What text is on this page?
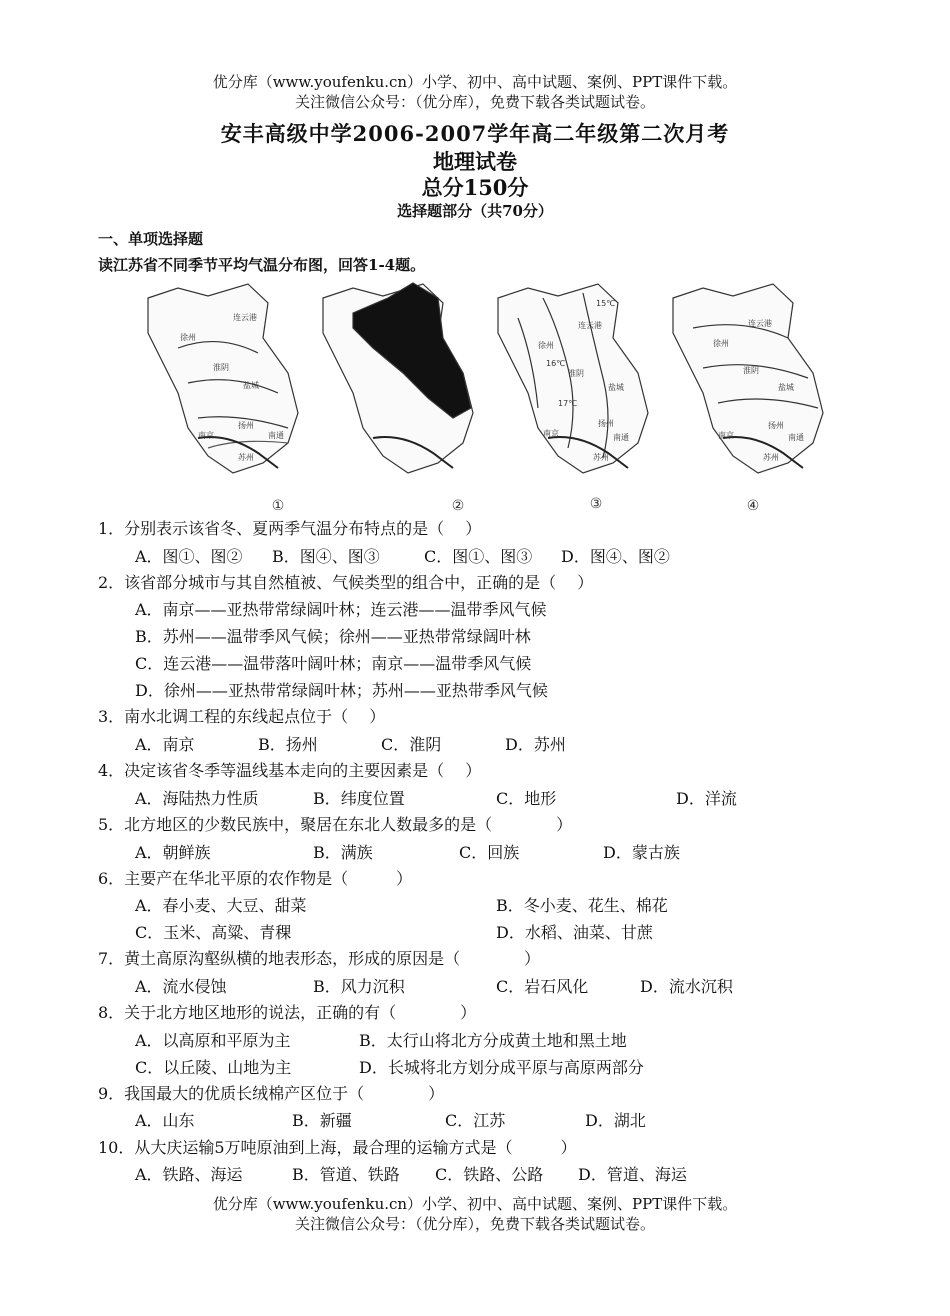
优分库（www.youfenku.cn）小学、初中、高中试题、案例、PPT课件下载。
关注微信公众号：（优分库），免费下载各类试题试卷。
安丰高级中学2006-2007学年高二年级第二次月考
地理试卷
总分150分
选择题部分（共70分）
一、单项选择题
读江苏省不同季节平均气温分布图，回答1-4题。
徐州
连云港
淮阴
盐城
扬州
南京	南通
苏州
连云港
徐州
淮阴
盐城
扬州
南京	南通
苏州
连云港
徐州
淮阴
盐城
扬州
南京	南通
苏州
15℃
16℃
17℃
①	②	③	④
1．分别表示该省冬、夏两季气温分布特点的是（　 ）
A．图①、图② B．图④、图③	C．图①、图③ D．图④、图②
2．该省部分城市与其自然植被、气候类型的组合中，正确的是（　 ）
A．南京——亚热带常绿阔叶林；连云港——温带季风气候
B．苏州——温带季风气候；徐州——亚热带常绿阔叶林
C．连云港——温带落叶阔叶林；南京——温带季风气候
D．徐州——亚热带常绿阔叶林；苏州——亚热带季风气候
3．南水北调工程的东线起点位于（　 ）
A．南京	B．扬州	C．淮阴	D．苏州
4．决定该省冬季等温线基本走向的主要因素是（　 ）
A．海陆热力性质	B．纬度位置	C．地形	D．洋流
5．北方地区的少数民族中，聚居在东北人数最多的是（　　　　）
A．朝鲜族	B．满族	C．回族	D．蒙古族
6．主要产在华北平原的农作物是（　　　）
A．春小麦、大豆、甜菜	B．冬小麦、花生、棉花
C．玉米、高粱、青稞	D．水稻、油菜、甘蔗
7．黄土高原沟壑纵横的地表形态，形成的原因是（　　　　）
A．流水侵蚀	B．风力沉积	C．岩石风化	D．流水沉积
8．关于北方地区地形的说法，正确的有（　　　　）
A．以高原和平原为主	B．太行山将北方分成黄土地和黑土地
C．以丘陵、山地为主	D．长城将北方划分成平原与高原两部分
9．我国最大的优质长绒棉产区位于（　　　　）
A．山东	B．新疆	C．江苏	D．湖北
10．从大庆运输5万吨原油到上海，最合理的运输方式是（　　　）
A．铁路、海运	B．管道、铁路 C．铁路、公路 D．管道、海运
优分库（www.youfenku.cn）小学、初中、高中试题、案例、PPT课件下载。
关注微信公众号：（优分库），免费下载各类试题试卷。
